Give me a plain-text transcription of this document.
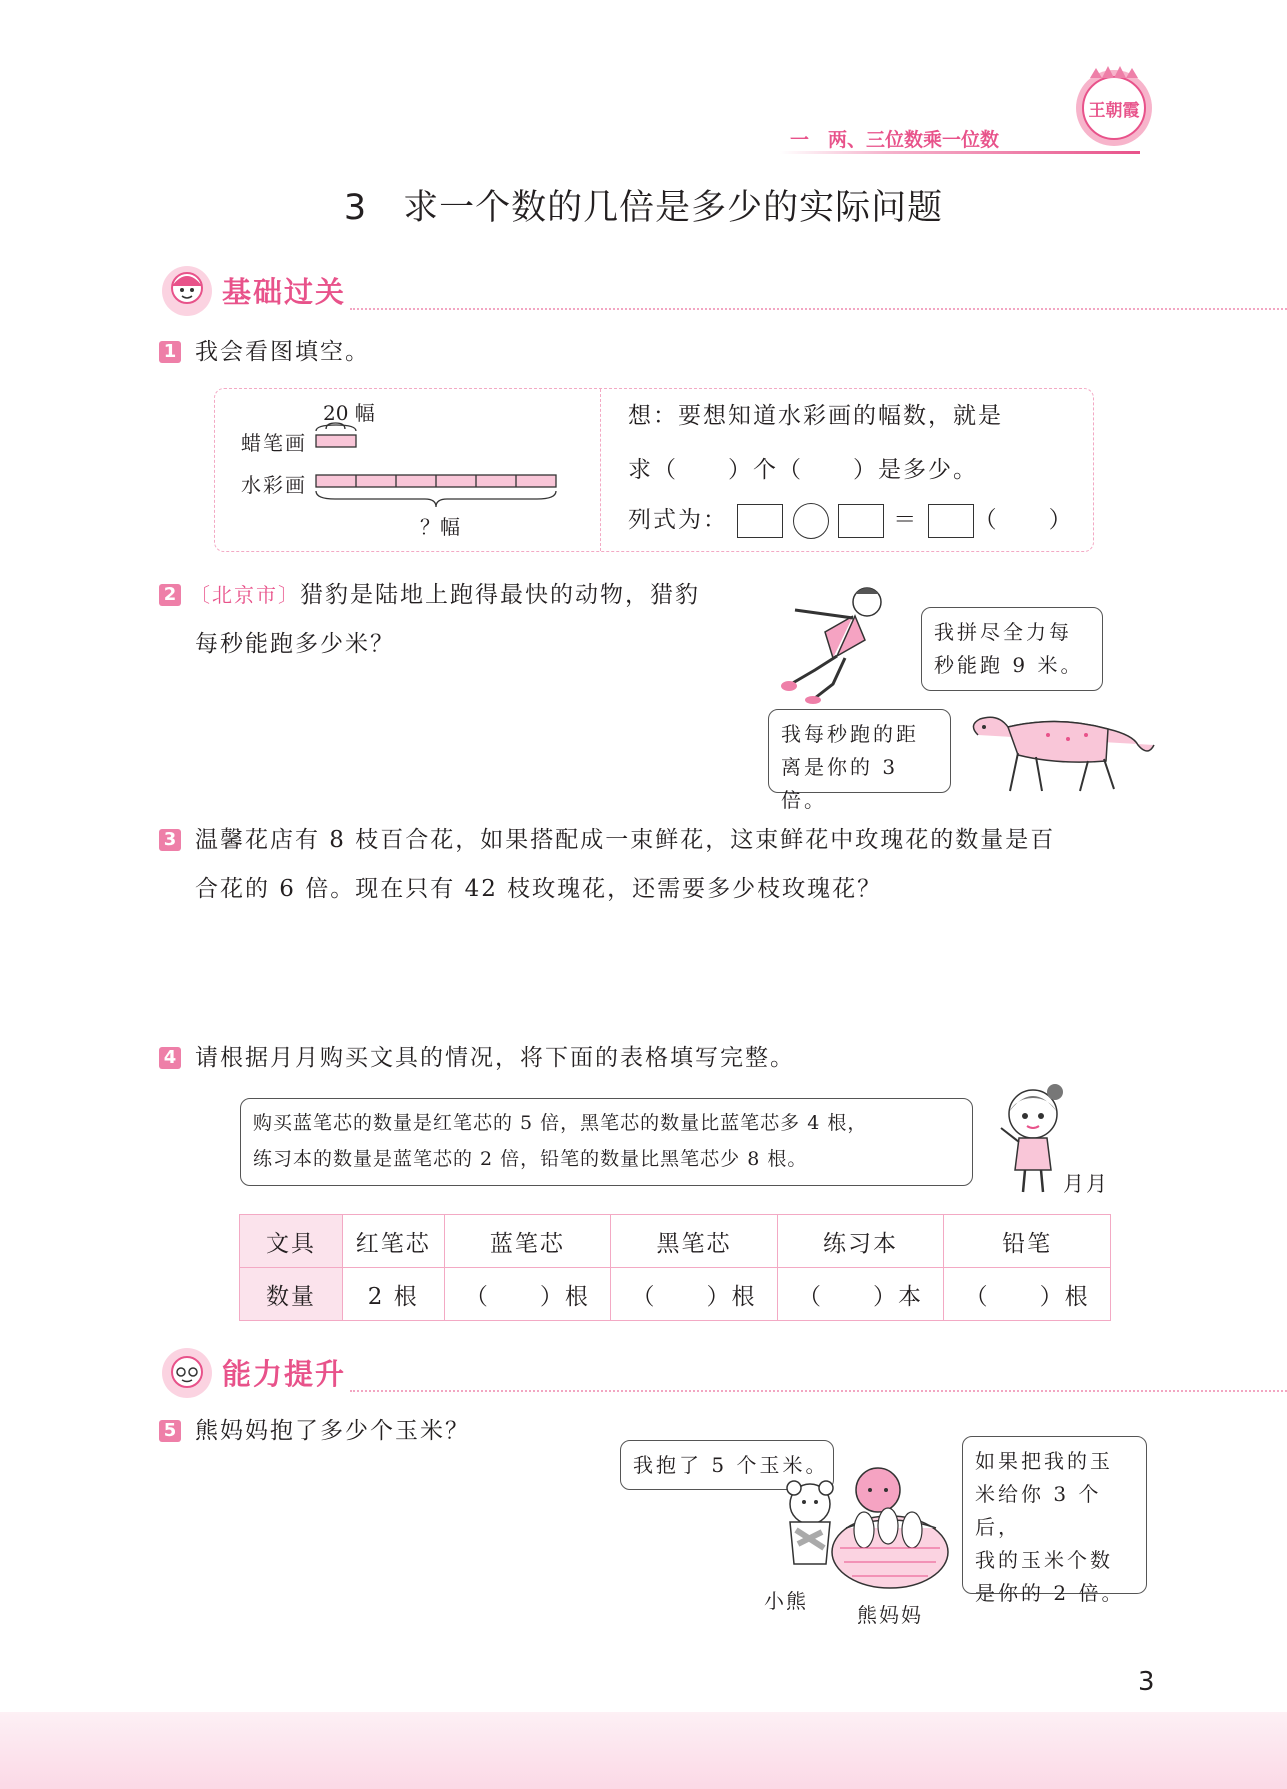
一　两、三位数乘一位数
王朝霞
3　求一个数的几倍是多少的实际问题
基础过关
1 我会看图填空。
20 幅
蜡笔画
水彩画
？幅
想：要想知道水彩画的幅数，就是
求（　　）个（　　）是多少。
列式为：	＝ （　　）
2 〔北京市〕猎豹是陆地上跑得最快的动物，猎豹
每秒能跑多少米？	我拼尽全力每
秒能跑 9 米。
我每秒跑的距
离是你的 3 倍。
3 温馨花店有 8 枝百合花，如果搭配成一束鲜花，这束鲜花中玫瑰花的数量是百
合花的 6 倍。现在只有 42 枝玫瑰花，还需要多少枝玫瑰花？
4 请根据月月购买文具的情况，将下面的表格填写完整。
购买蓝笔芯的数量是红笔芯的 5 倍，黑笔芯的数量比蓝笔芯多 4 根，
练习本的数量是蓝笔芯的 2 倍，铅笔的数量比黑笔芯少 8 根。
月月
文具	红笔芯	蓝笔芯	黑笔芯	练习本	铅笔
数量	2 根	（　　）根	（　　）根	（　　）本	（　　）根
能力提升
5 熊妈妈抱了多少个玉米？
我抱了 5 个玉米。	如果把我的玉
米给你 3 个后，
我的玉米个数
是你的 2 倍。
小熊
熊妈妈
3
